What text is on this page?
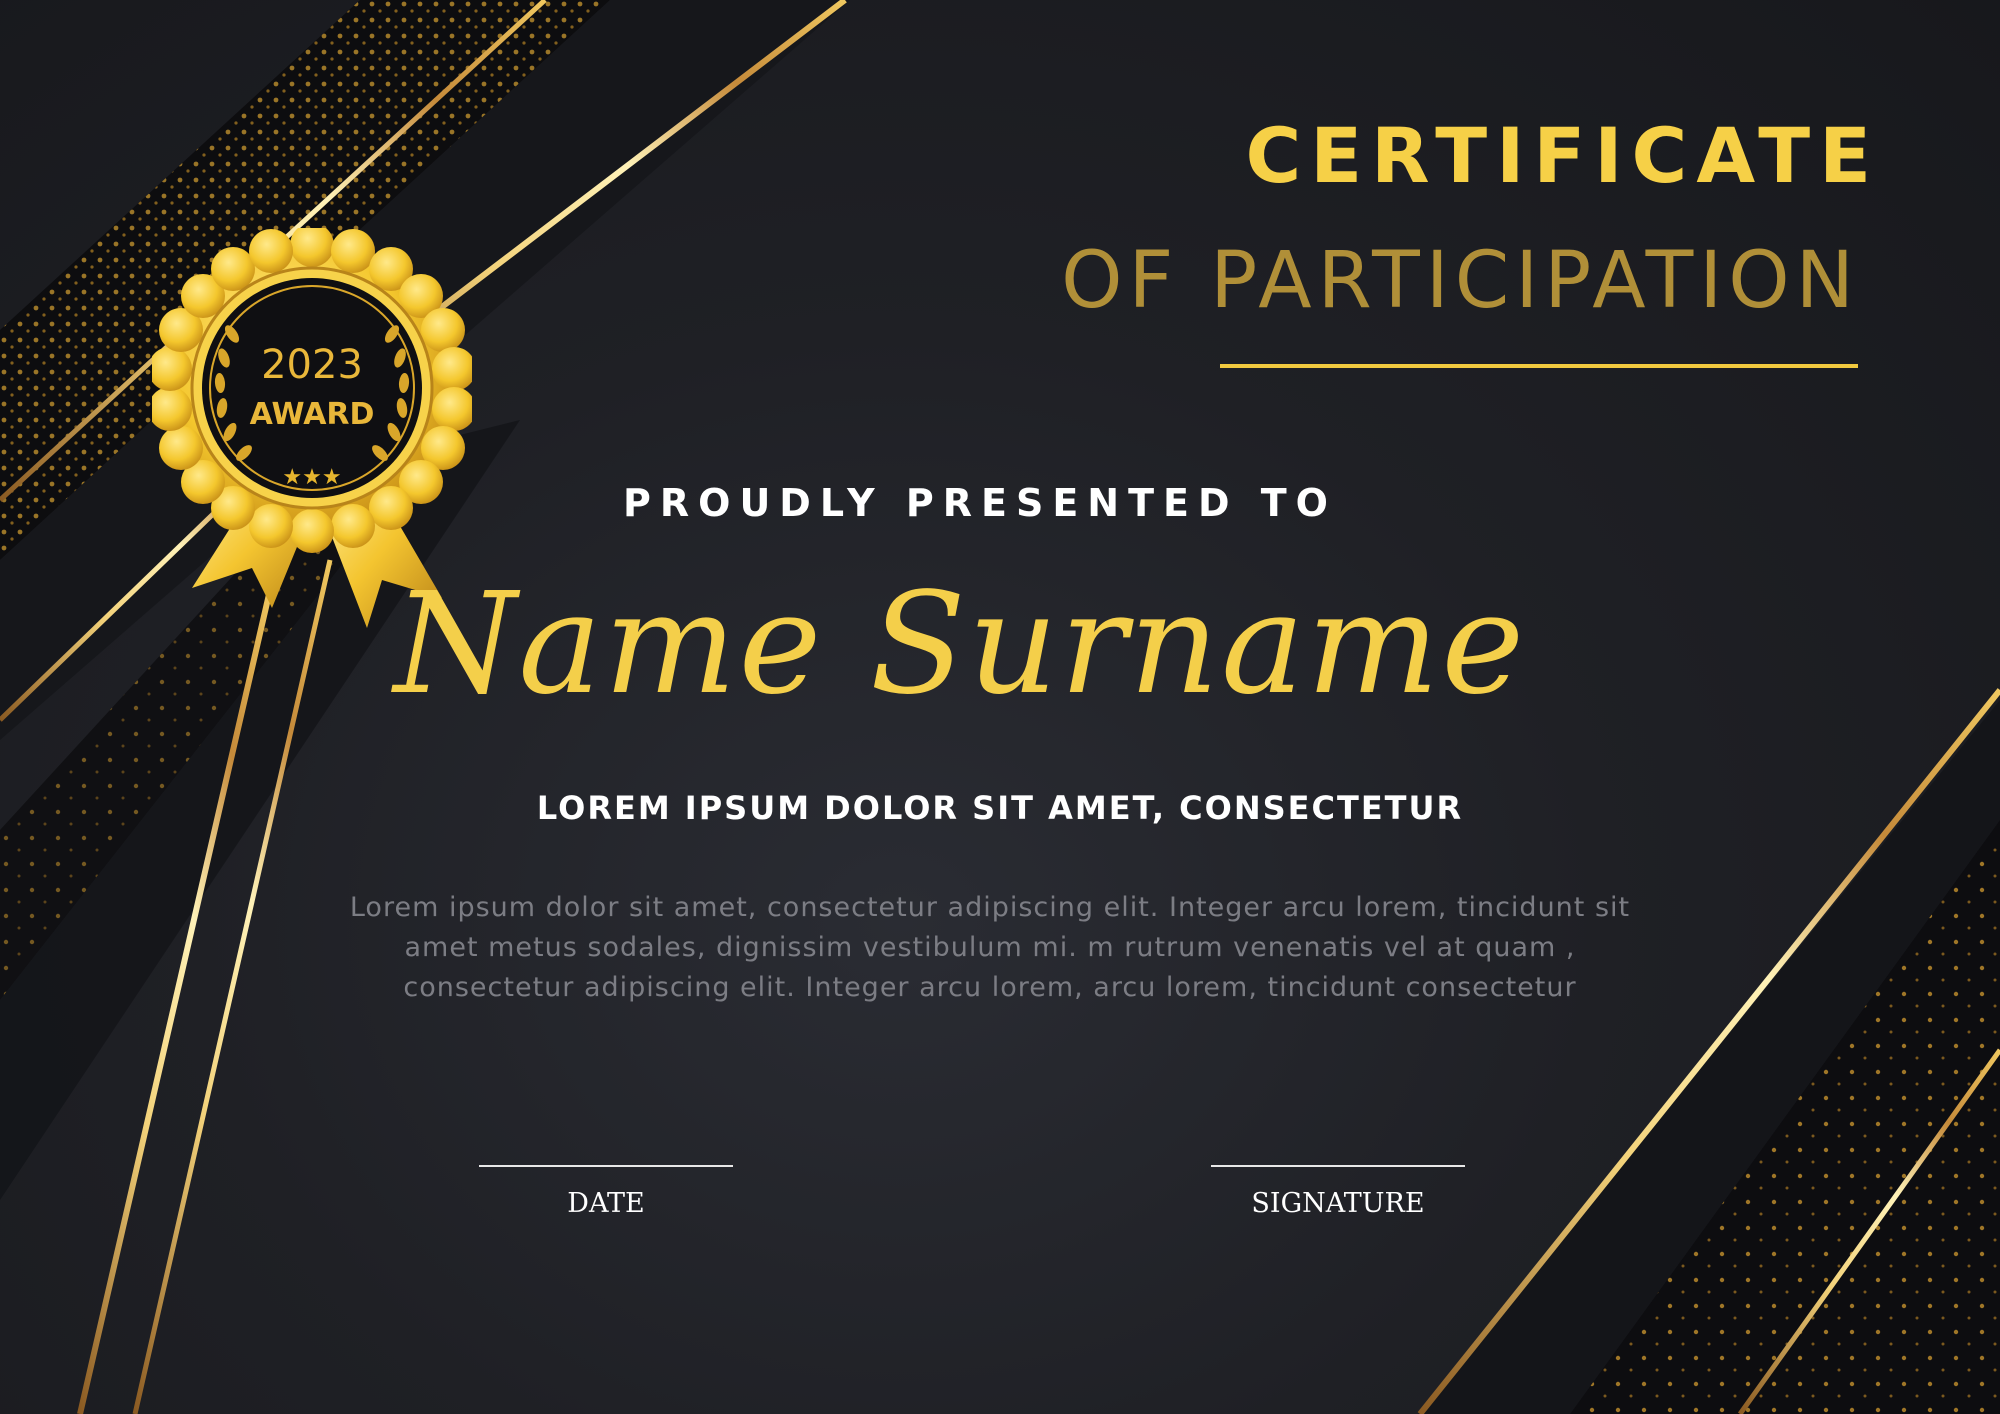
★★★
2023
AWARD
CERTIFICATE
OF PARTICIPATION
PROUDLY PRESENTED TO
Name Surname
LOREM IPSUM DOLOR SIT AMET, CONSECTETUR
Lorem ipsum dolor sit amet, consectetur adipiscing elit. Integer arcu lorem, tincidunt sit
amet metus sodales, dignissim vestibulum mi. m rutrum venenatis vel at quam ,
consectetur adipiscing elit. Integer arcu lorem, arcu lorem, tincidunt consectetur
DATE	SIGNATURE
